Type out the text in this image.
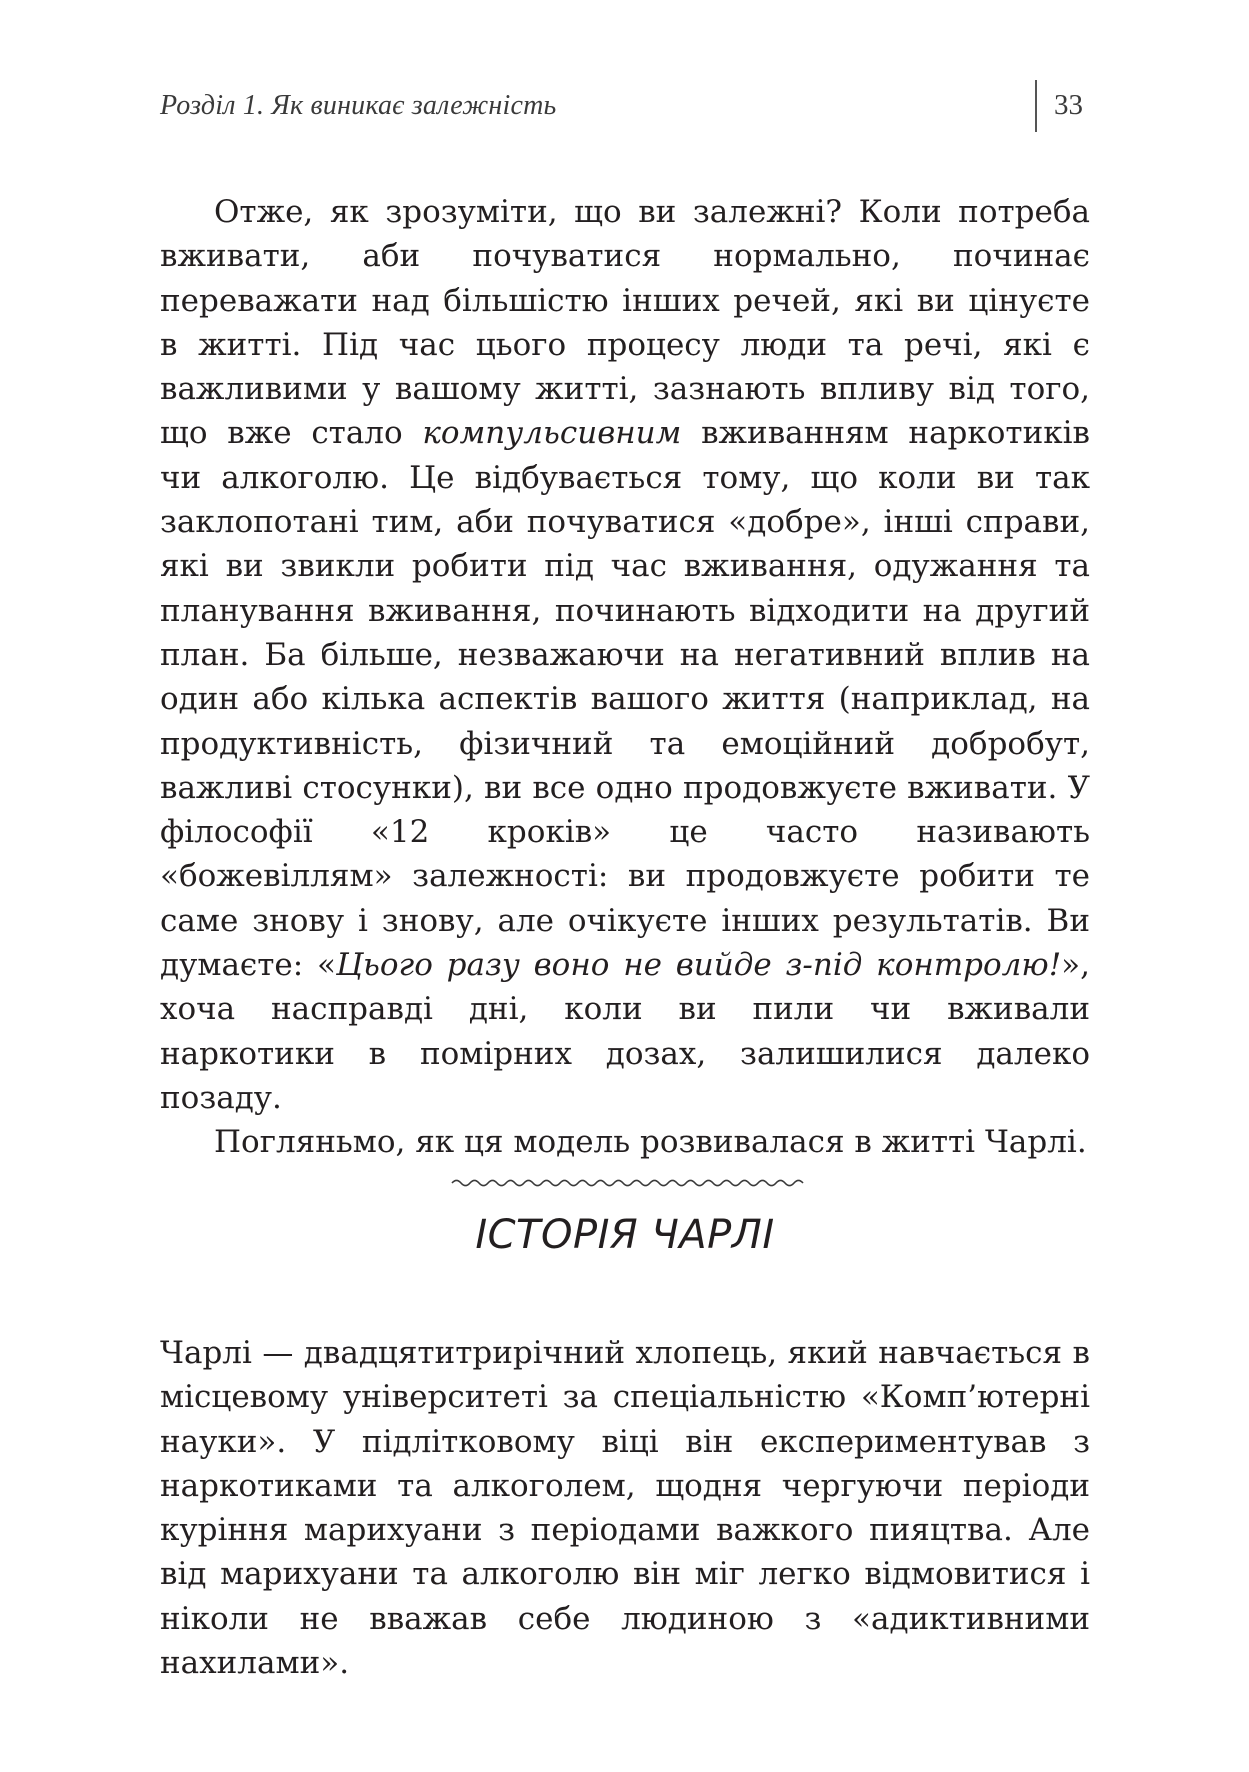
Розділ 1. Як виникає залежність	33

Отже, як зрозуміти, що ви залежні? Коли потреба вживати, аби почуватися нормально, починає переважати над більшістю інших речей, які ви цінуєте в житті. Під час цього процесу люди та речі, які є важливими у вашому житті, зазнають впливу від того, що вже стало компульсивним вживанням наркотиків чи алкоголю. Це відбувається тому, що коли ви так заклопотані тим, аби почуватися «добре», інші справи, які ви звикли робити під час вживання, одужання та планування вживання, починають відходити на другий план. Ба більше, незважаючи на негативний вплив на один або кілька аспектів вашого життя (наприклад, на продуктивність, фізичний та емоційний добробут, важливі стосунки), ви все одно продовжуєте вживати. У філософії «12 кроків» це часто називають «божевіллям» залежності: ви продовжуєте робити те саме знову і знову, але очікуєте інших результатів. Ви думаєте: «Цього разу воно не вийде з-під контролю!», хоча насправді дні, коли ви пили чи вживали наркотики в помірних дозах, залишилися далеко позаду.

Погляньмо, як ця модель розвивалася в житті Чарлі.

ІСТОРІЯ ЧАРЛІ

Чарлі — двадцятитрирічний хлопець, який навчається в місцевому університеті за спеціальністю «Комп’ютерні науки». У підлітковому віці він експериментував з наркотиками та алкоголем, щодня чергуючи періоди куріння марихуани з періодами важкого пияцтва. Але від марихуани та алкоголю він міг легко відмовитися і ніколи не вважав себе людиною з «адиктивними нахилами».
